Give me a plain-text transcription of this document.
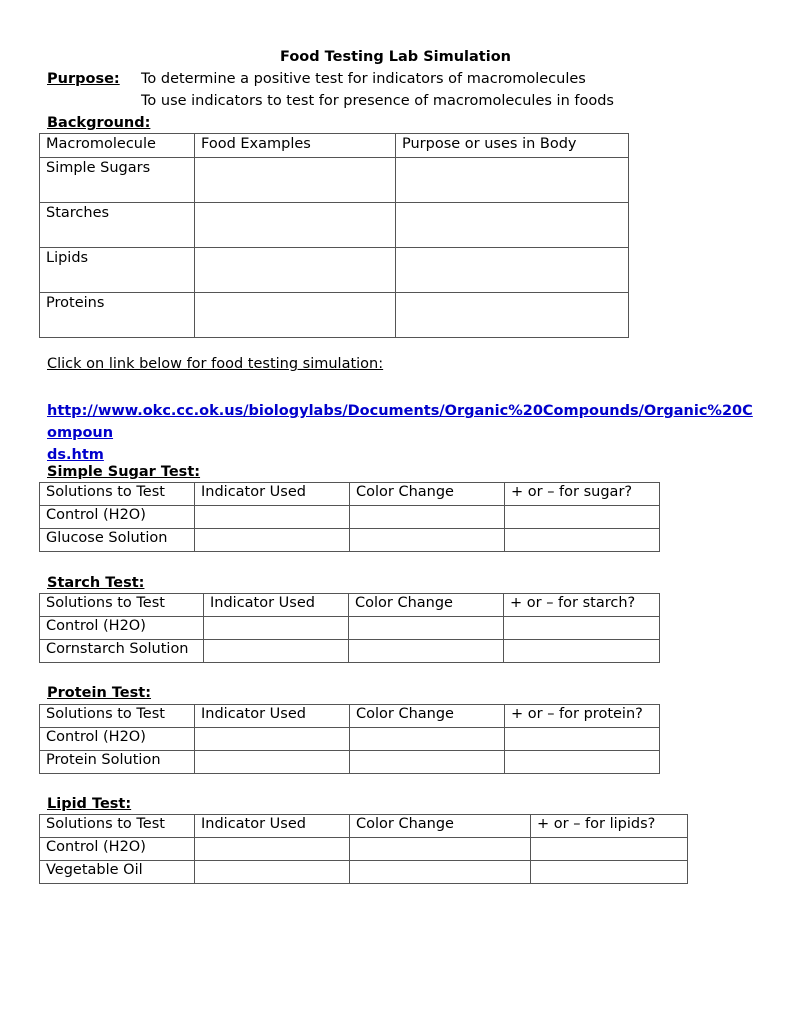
Food Testing Lab Simulation
Purpose: To determine a positive test for indicators of macromolecules
To use indicators to test for presence of macromolecules in foods
Background:
Macromolecule	Food Examples	Purpose or uses in Body
Simple Sugars		
Starches		
Lipids		
Proteins		
Click on link below for food testing simulation:
http://www.okc.cc.ok.us/biologylabs/Documents/Organic%20Compounds/Organic%20Compoun
ds.htm
Simple Sugar Test:
Solutions to Test	Indicator Used	Color Change	+ or – for sugar?
Control (H2O)			
Glucose Solution			
Starch Test:
Solutions to Test	Indicator Used	Color Change	+ or – for starch?
Control (H2O)			
Cornstarch Solution			
Protein Test:
Solutions to Test	Indicator Used	Color Change	+ or – for protein?
Control (H2O)			
Protein Solution			
Lipid Test:
Solutions to Test	Indicator Used	Color Change	+ or – for lipids?
Control (H2O)			
Vegetable Oil			
